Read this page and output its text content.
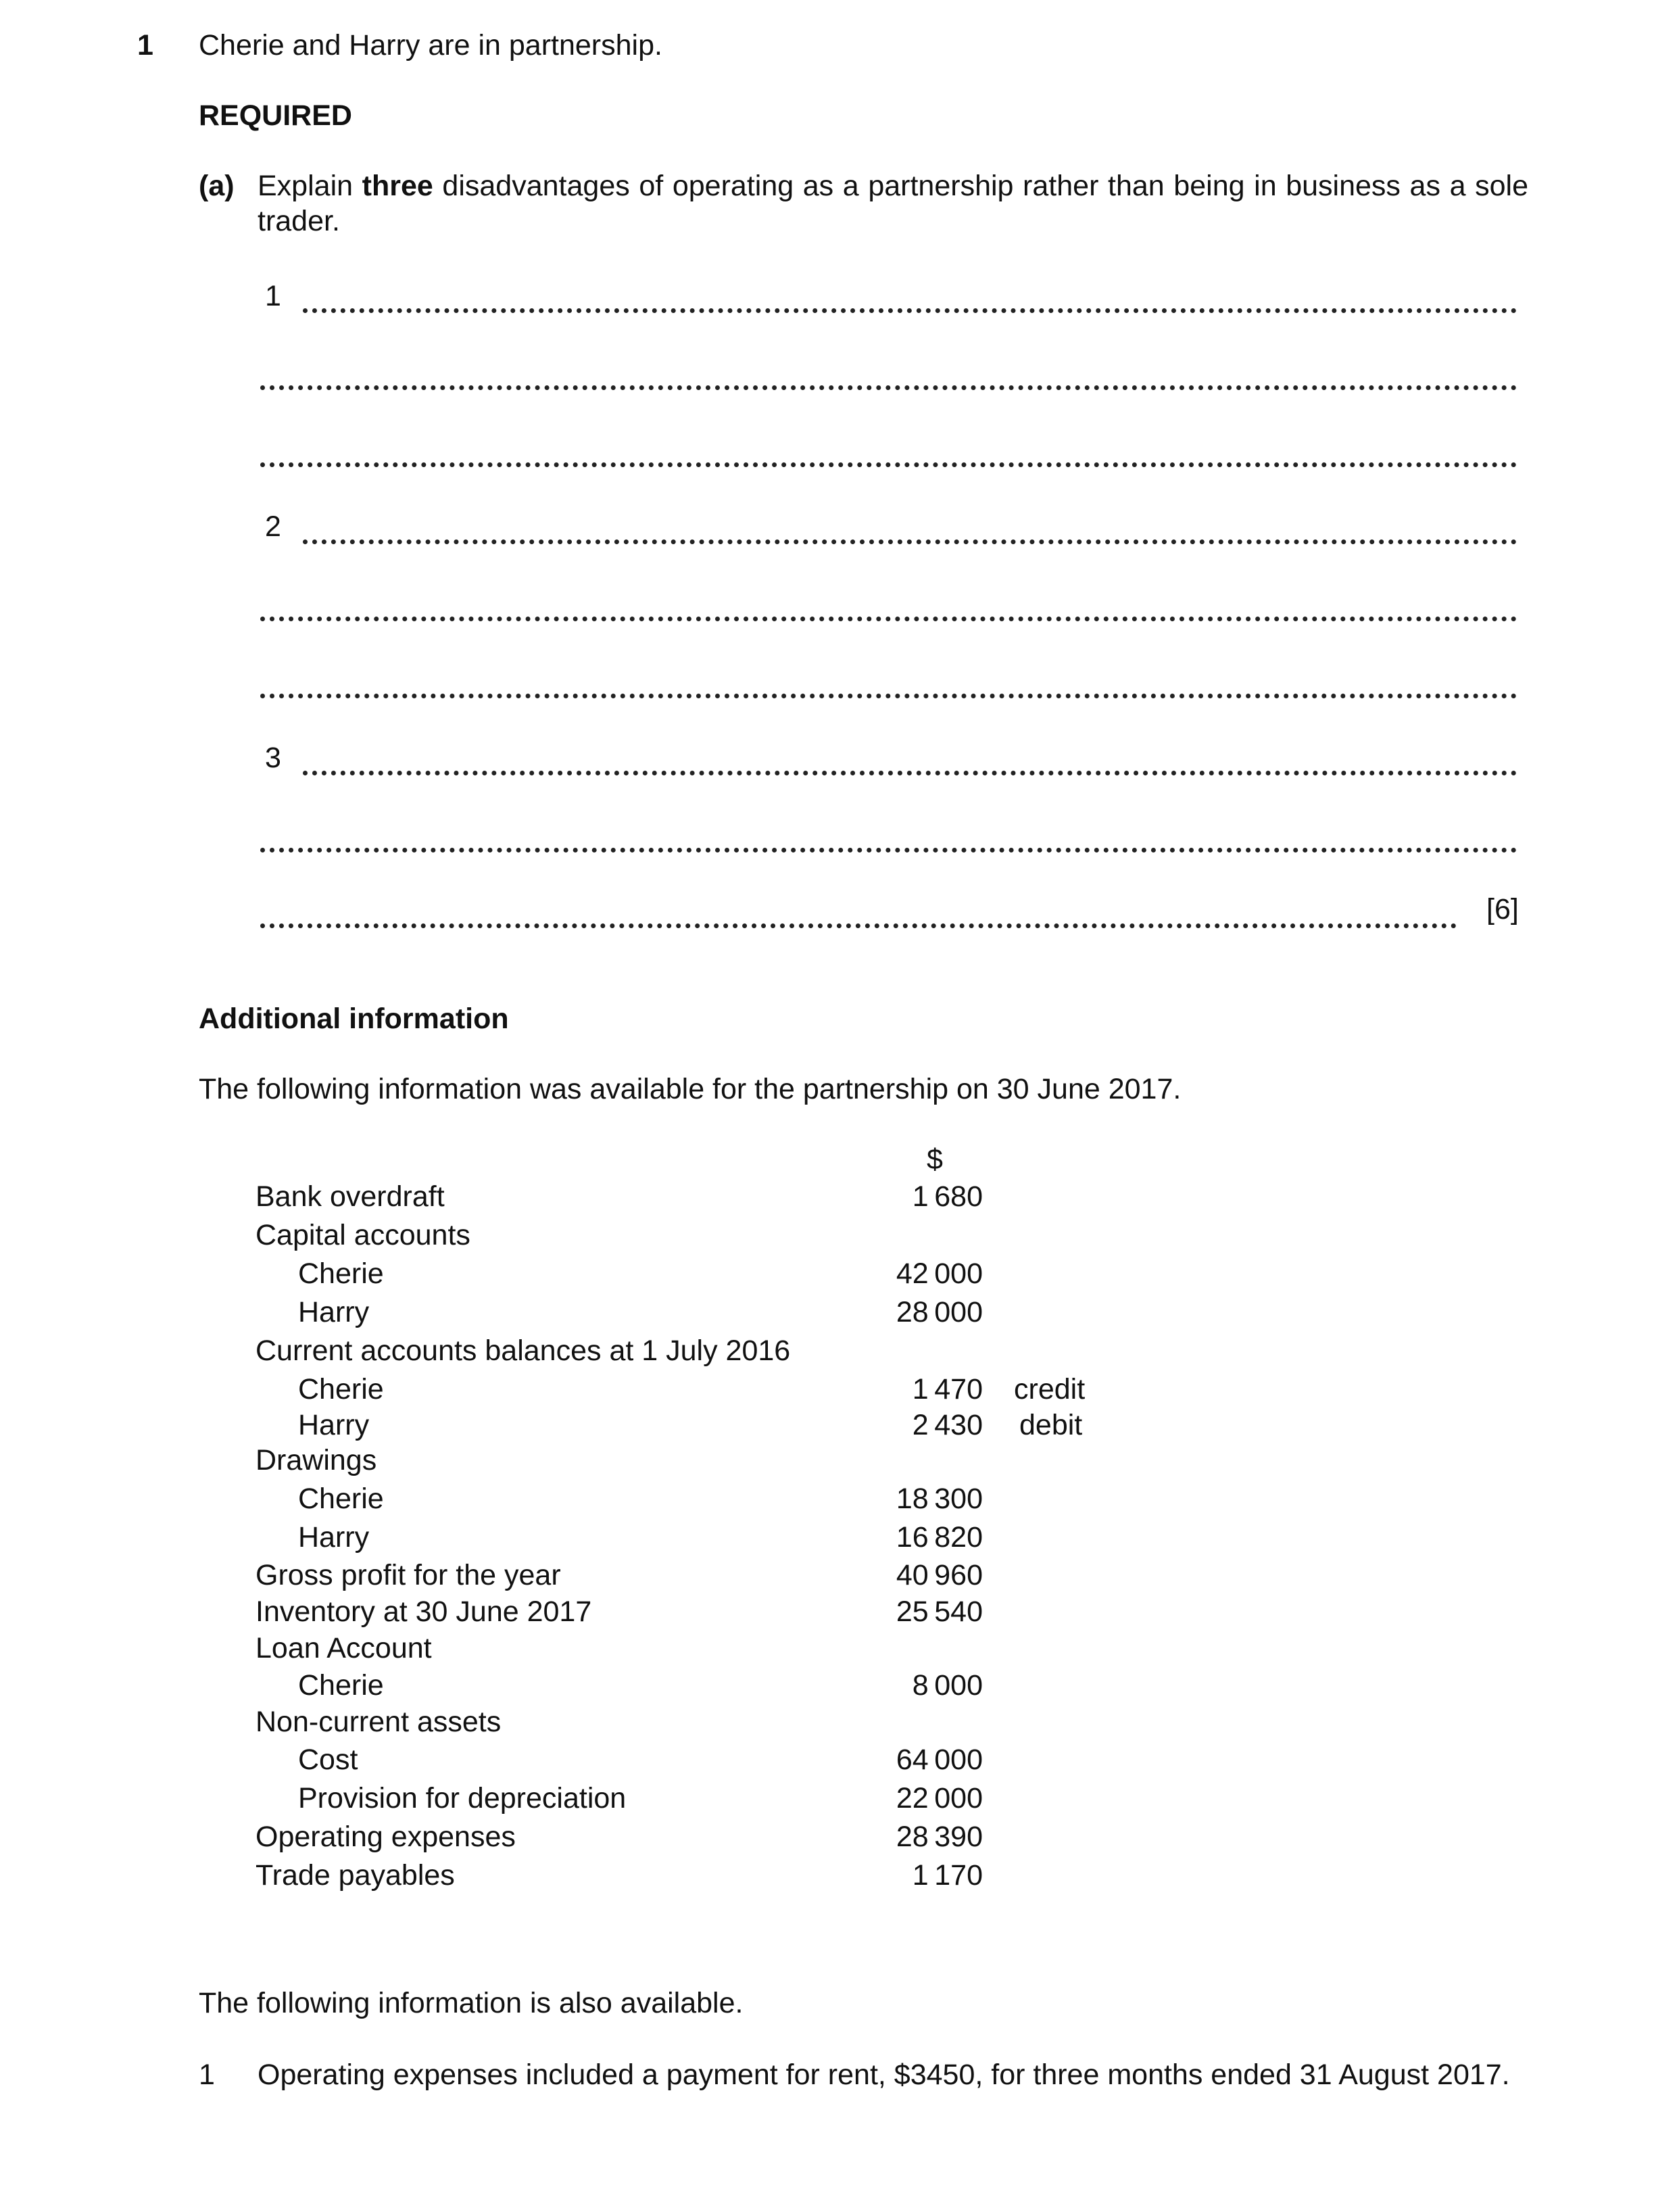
1 Cherie and Harry are in partnership.
REQUIRED
(a) Explain three disadvantages of operating as a partnership rather than being in business as a sole trader.
1
2
3
[6]
Additional information
The following information was available for the partnership on 30 June 2017.
$
Bank overdraft	1 680
Capital accounts
Cherie	42 000
Harry	28 000
Current accounts balances at 1 July 2016
Cherie	1 470 credit
Harry	2 430 debit
Drawings
Cherie	18 300
Harry	16 820
Gross profit for the year	40 960
Inventory at 30 June 2017	25 540
Loan Account
Cherie	8 000
Non-current assets
Cost	64 000
Provision for depreciation	22 000
Operating expenses	28 390
Trade payables	1 170
The following information is also available.
1 Operating expenses included a payment for rent, $3450, for three months ended 31 August 2017.
